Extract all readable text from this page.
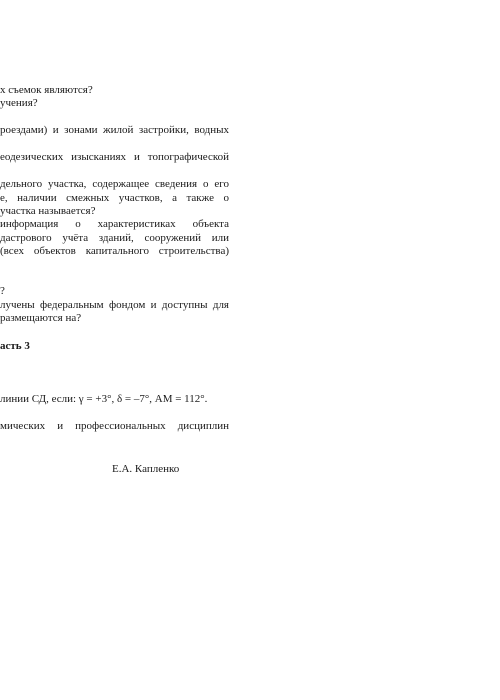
х съемок являются?
учения?
роездами) и зонами жилой застройки, водных
еодезических изысканиях и топографической
дельного участка, содержащее сведения о его
е, наличии смежных участков, а также о
участка называется?
информация о характеристиках объекта
дастрового учёта зданий, сооружений или
(всех объектов капитального строительства)
?
лучены федеральным фондом и доступны для
размещаются на?
асть 3
линии СД, если: γ = +3°, δ = –7°, АМ = 112°.
мических и профессиональных дисциплин
Е.А. Капленко
